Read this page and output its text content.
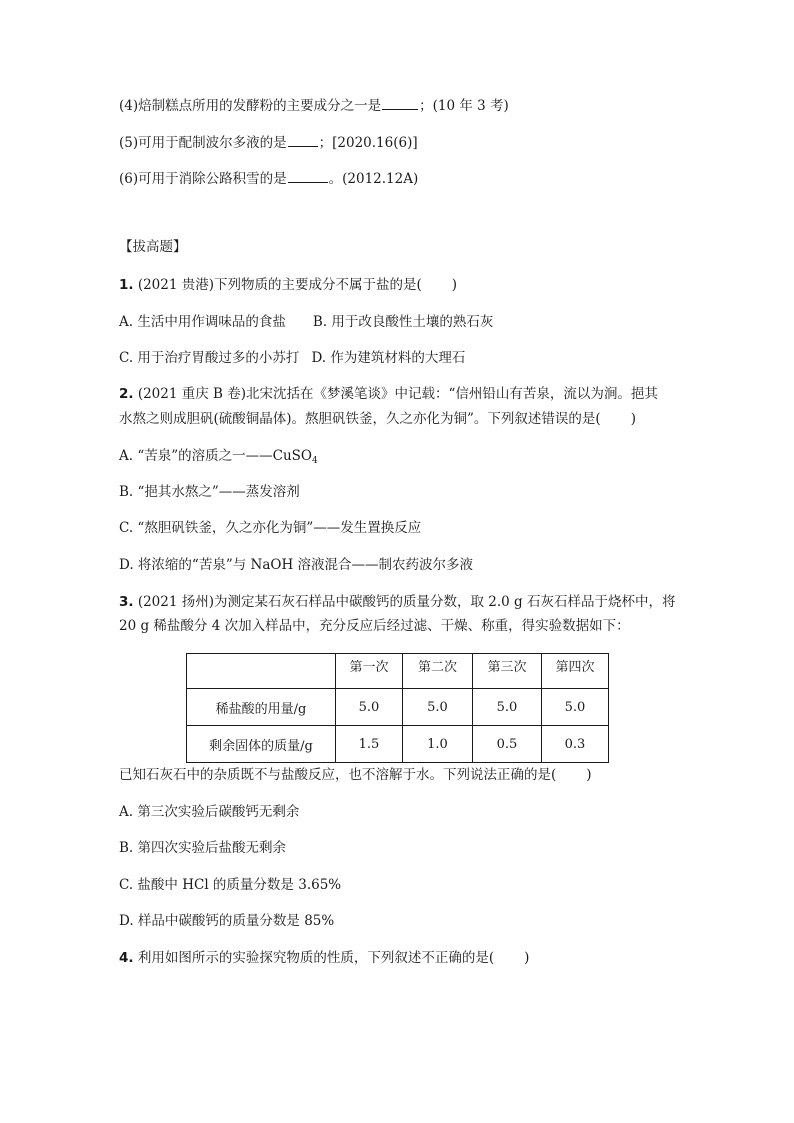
(4)焙制糕点所用的发酵粉的主要成分之一是	；(10 年 3 考)
(5)可用于配制波尔多液的是 ；[2020.16(6)]
(6)可用于消除公路积雪的是	。(2012.12A)
【拔高题】
1. (2021 贵港)下列物质的主要成分不属于盐的是( )
A. 生活中用作调味品的食盐 B. 用于改良酸性土壤的熟石灰
C. 用于治疗胃酸过多的小苏打 D. 作为建筑材料的大理石
2. (2021 重庆 B 卷)北宋沈括在《梦溪笔谈》中记载：“信州铅山有苦泉，流以为涧。挹其
水熬之则成胆矾(硫酸铜晶体)。熬胆矾铁釜，久之亦化为铜”。下列叙述错误的是( )
A. “苦泉”的溶质之一——CuSO$_4$
B. “挹其水熬之”——蒸发溶剂
C. “熬胆矾铁釜，久之亦化为铜”——发生置换反应
D. 将浓缩的“苦泉”与 NaOH 溶液混合——制农药波尔多液
3. (2021 扬州)为测定某石灰石样品中碳酸钙的质量分数，取 2.0 g 石灰石样品于烧杯中，将
20 g 稀盐酸分 4 次加入样品中，充分反应后经过滤、干燥、称重，得实验数据如下：
	第一次	第二次	第三次	第四次
稀盐酸的用量/g	5.0	5.0	5.0	5.0
剩余固体的质量/g	1.5	1.0	0.5	0.3
已知石灰石中的杂质既不与盐酸反应，也不溶解于水。下列说法正确的是( )
A. 第三次实验后碳酸钙无剩余
B. 第四次实验后盐酸无剩余
C. 盐酸中 HCl 的质量分数是 3.65%
D. 样品中碳酸钙的质量分数是 85%
4. 利用如图所示的实验探究物质的性质，下列叙述不正确的是( )
